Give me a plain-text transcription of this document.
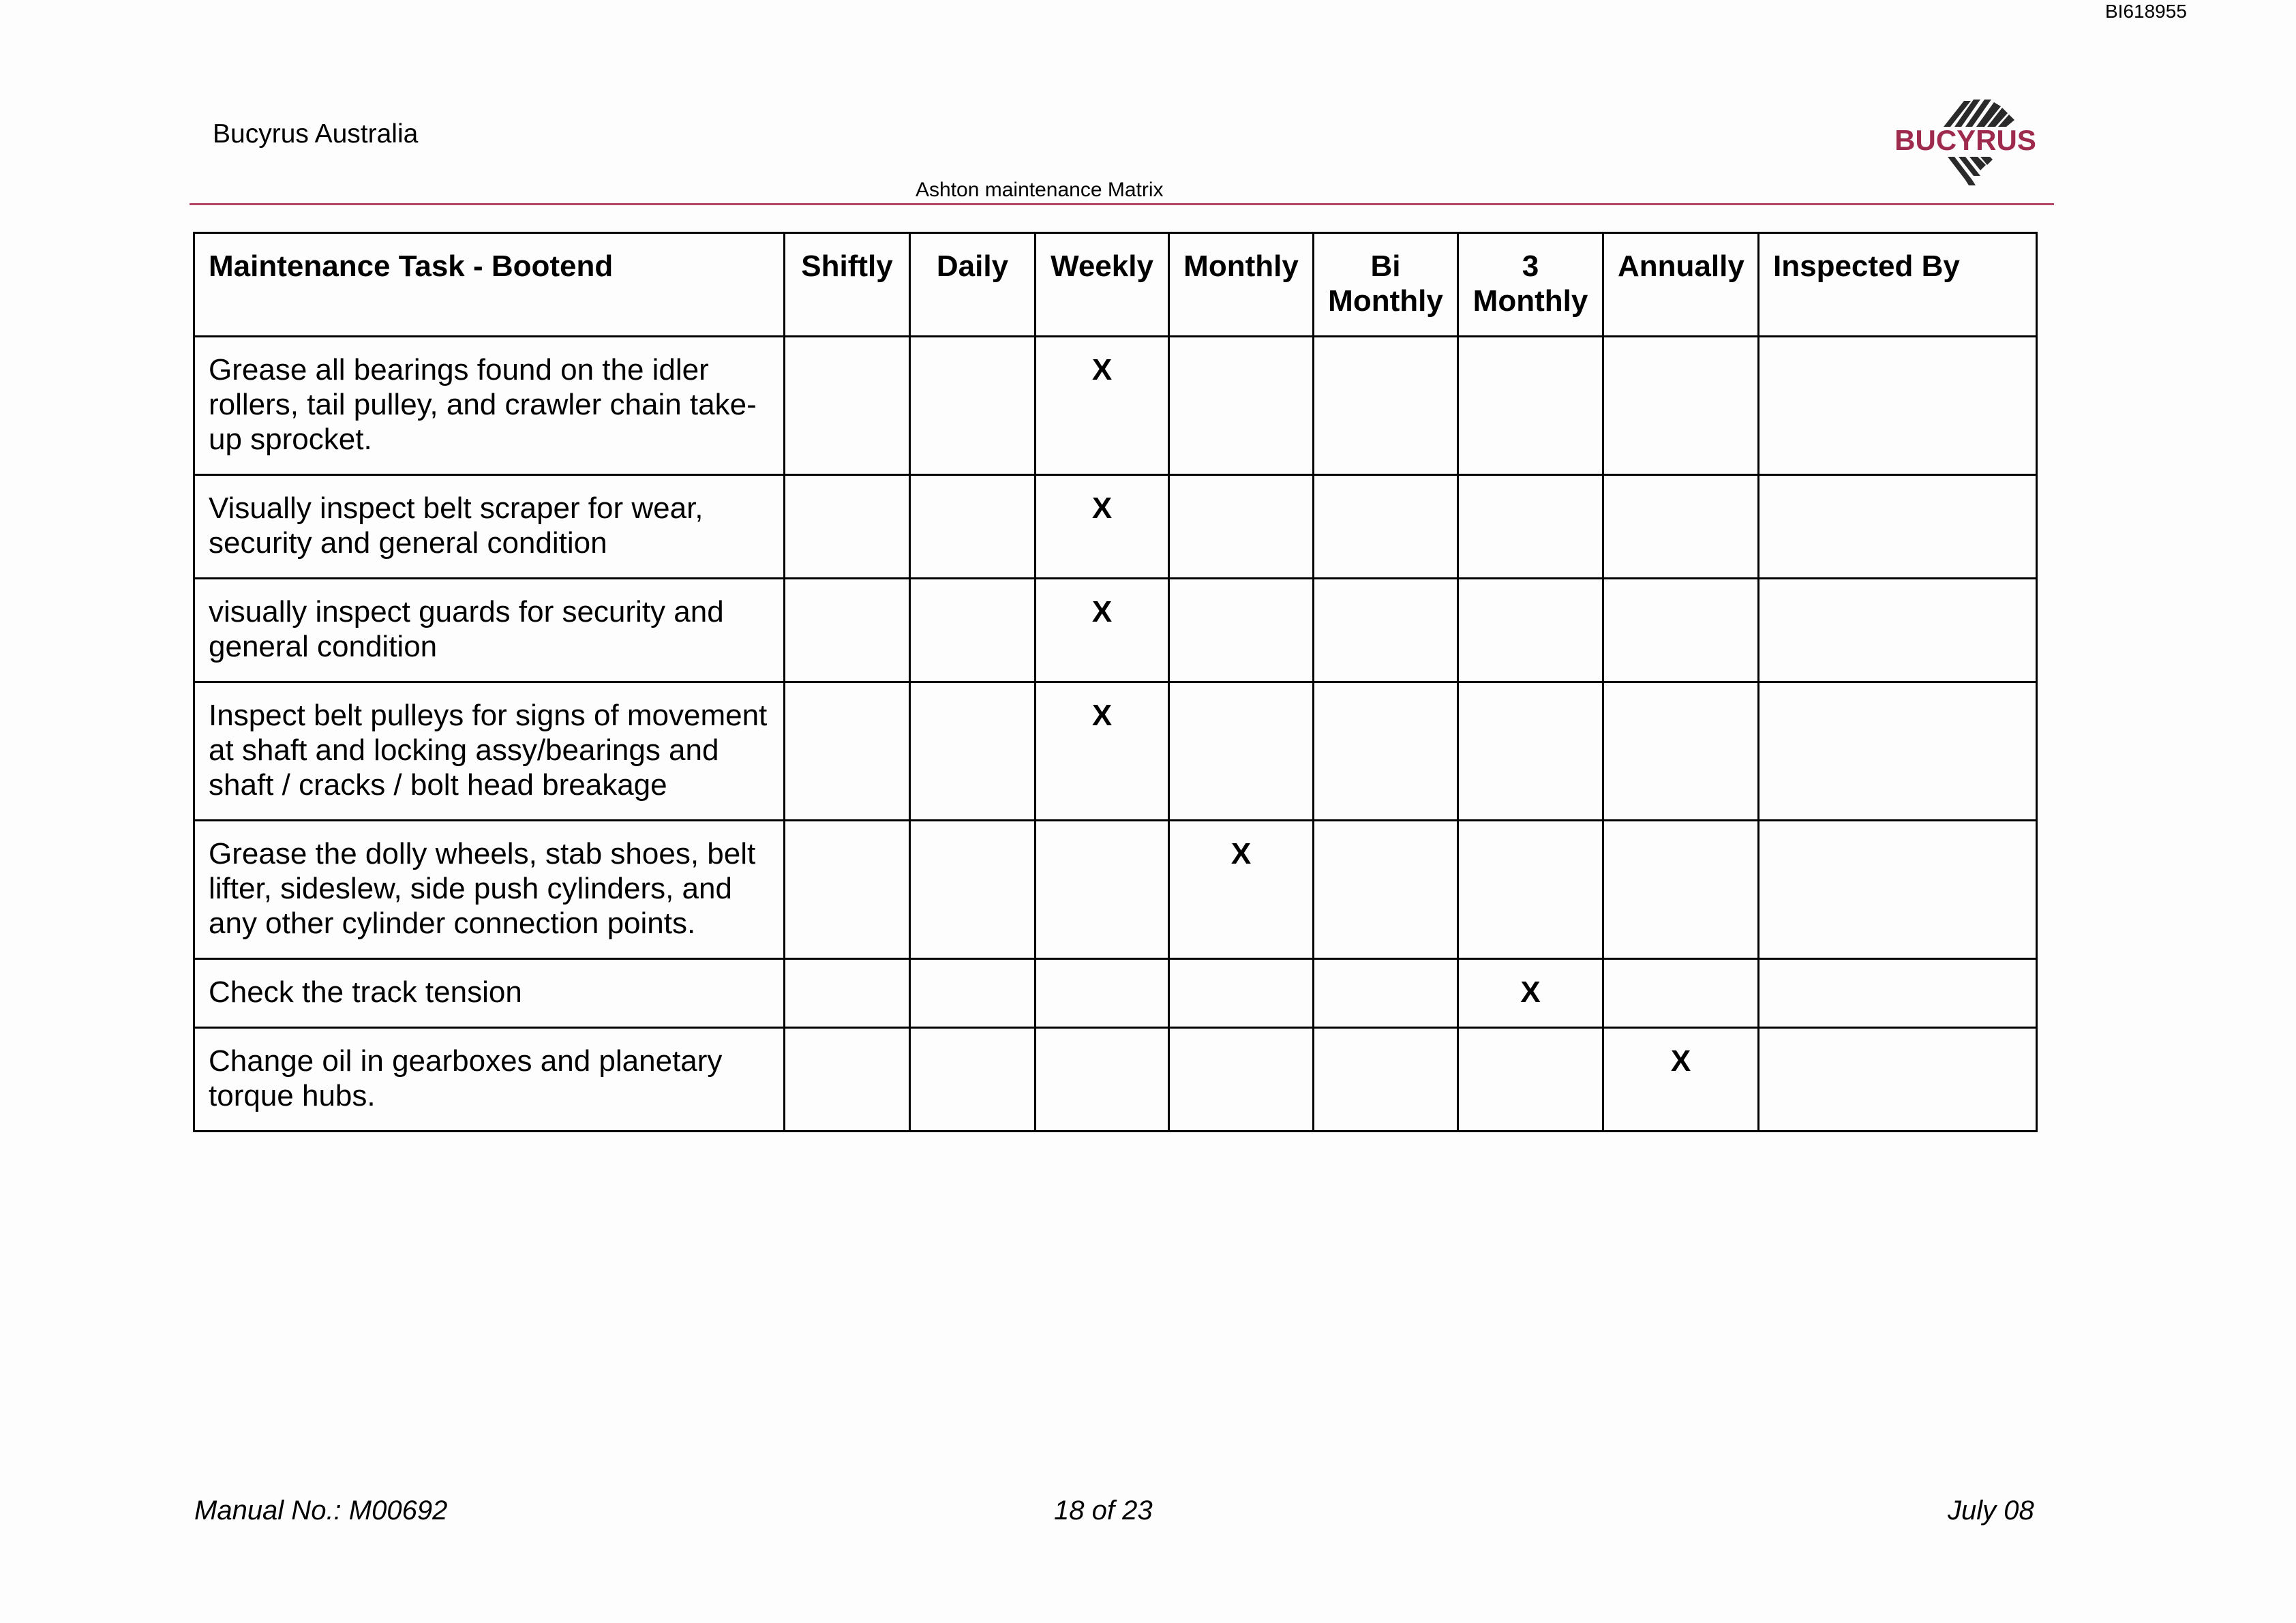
BI618955
Bucyrus Australia
Ashton maintenance Matrix
BUCYRUS
Maintenance Task - Bootend	Shiftly	Daily	Weekly	Monthly	Bi Monthly	3 Monthly	Annually	Inspected By
Grease all bearings found on the idler rollers, tail pulley, and crawler chain take-up sprocket.			X					
Visually inspect belt scraper for wear, security and general condition			X					
visually inspect guards for security and general condition			X					
Inspect belt pulleys for signs of movement at shaft and locking assy/bearings and shaft / cracks / bolt head breakage			X					
Grease the dolly wheels, stab shoes, belt lifter, sideslew, side push cylinders, and any other cylinder connection points.				X				
Check the track tension						X		
Change oil in gearboxes and planetary torque hubs.							X	
Manual No.: M00692	18 of 23	July 08
